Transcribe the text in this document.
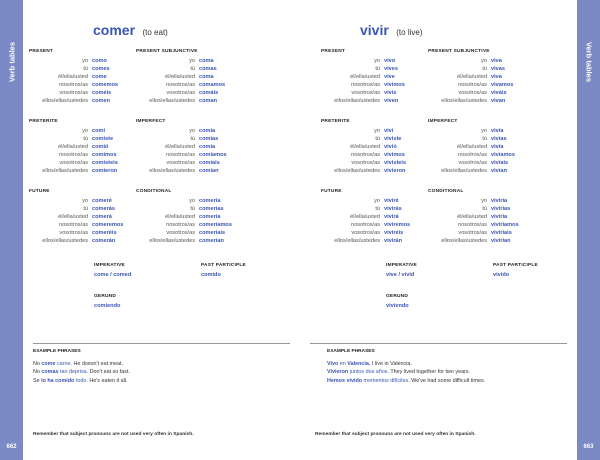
Verb tables
662
Verb tables
663
comer (to eat)
PRESENT
yo como
tú comes
él/ella/usted come
nosotros/as comemos
vosotros/as coméis
ellos/ellas/ustedes comen
PRESENT SUBJUNCTIVE
yo coma
tú comas
él/ella/usted coma
nosotros/as comamos
vosotros/as comáis
ellos/ellas/ustedes coman
PRETERITE
yo comí
tú comiste
él/ella/usted comió
nosotros/as comimos
vosotros/as comisteis
ellos/ellas/ustedes comieron
IMPERFECT
yo comía
tú comías
él/ella/usted comía
nosotros/as comíamos
vosotros/as comíais
ellos/ellas/ustedes comían
FUTURE
yo comeré
tú comerás
él/ella/usted comerá
nosotros/as comeremos
vosotros/as comeréis
ellos/ellas/ustedes comerán
CONDITIONAL
yo comería
tú comerías
él/ella/usted comería
nosotros/as comeríamos
vosotros/as comeríais
ellos/ellas/ustedes comerían
IMPERATIVE
come / comed
PAST PARTICIPLE
comido
GERUND
comiendo
EXAMPLE PHRASES
No come carne. He doesn't eat meat.
No comas tan deprisa. Don't eat so fast.
Se lo ha comido todo. He's eaten it all.
Remember that subject pronouns are not used very often in Spanish.
vivir (to live)
PRESENT
yo vivo
tú vives
él/ella/usted vive
nosotros/as vivimos
vosotros/as vivís
ellos/ellas/ustedes viven
PRESENT SUBJUNCTIVE
yo viva
tú vivas
él/ella/usted viva
nosotros/as vivamos
vosotros/as viváis
ellos/ellas/ustedes vivan
PRETERITE
yo viví
tú viviste
él/ella/usted vivió
nosotros/as vivimos
vosotros/as vivisteis
ellos/ellas/ustedes vivieron
IMPERFECT
yo vivía
tú vivías
él/ella/usted vivía
nosotros/as vivíamos
vosotros/as vivíais
ellos/ellas/ustedes vivían
FUTURE
yo viviré
tú vivirás
él/ella/usted vivirá
nosotros/as viviremos
vosotros/as viviréis
ellos/ellas/ustedes vivirán
CONDITIONAL
yo viviría
tú vivirías
él/ella/usted viviría
nosotros/as viviríamos
vosotros/as viviríais
ellos/ellas/ustedes vivirían
IMPERATIVE
vive / vivid
PAST PARTICIPLE
vivido
GERUND
viviendo
EXAMPLE PHRASES
Vivo en Valencia. I live in Valencia.
Vivieron juntos dos años. They lived together for two years.
Hemos vivido momentos difíciles. We've had some difficult times.
Remember that subject pronouns are not used very often in Spanish.
